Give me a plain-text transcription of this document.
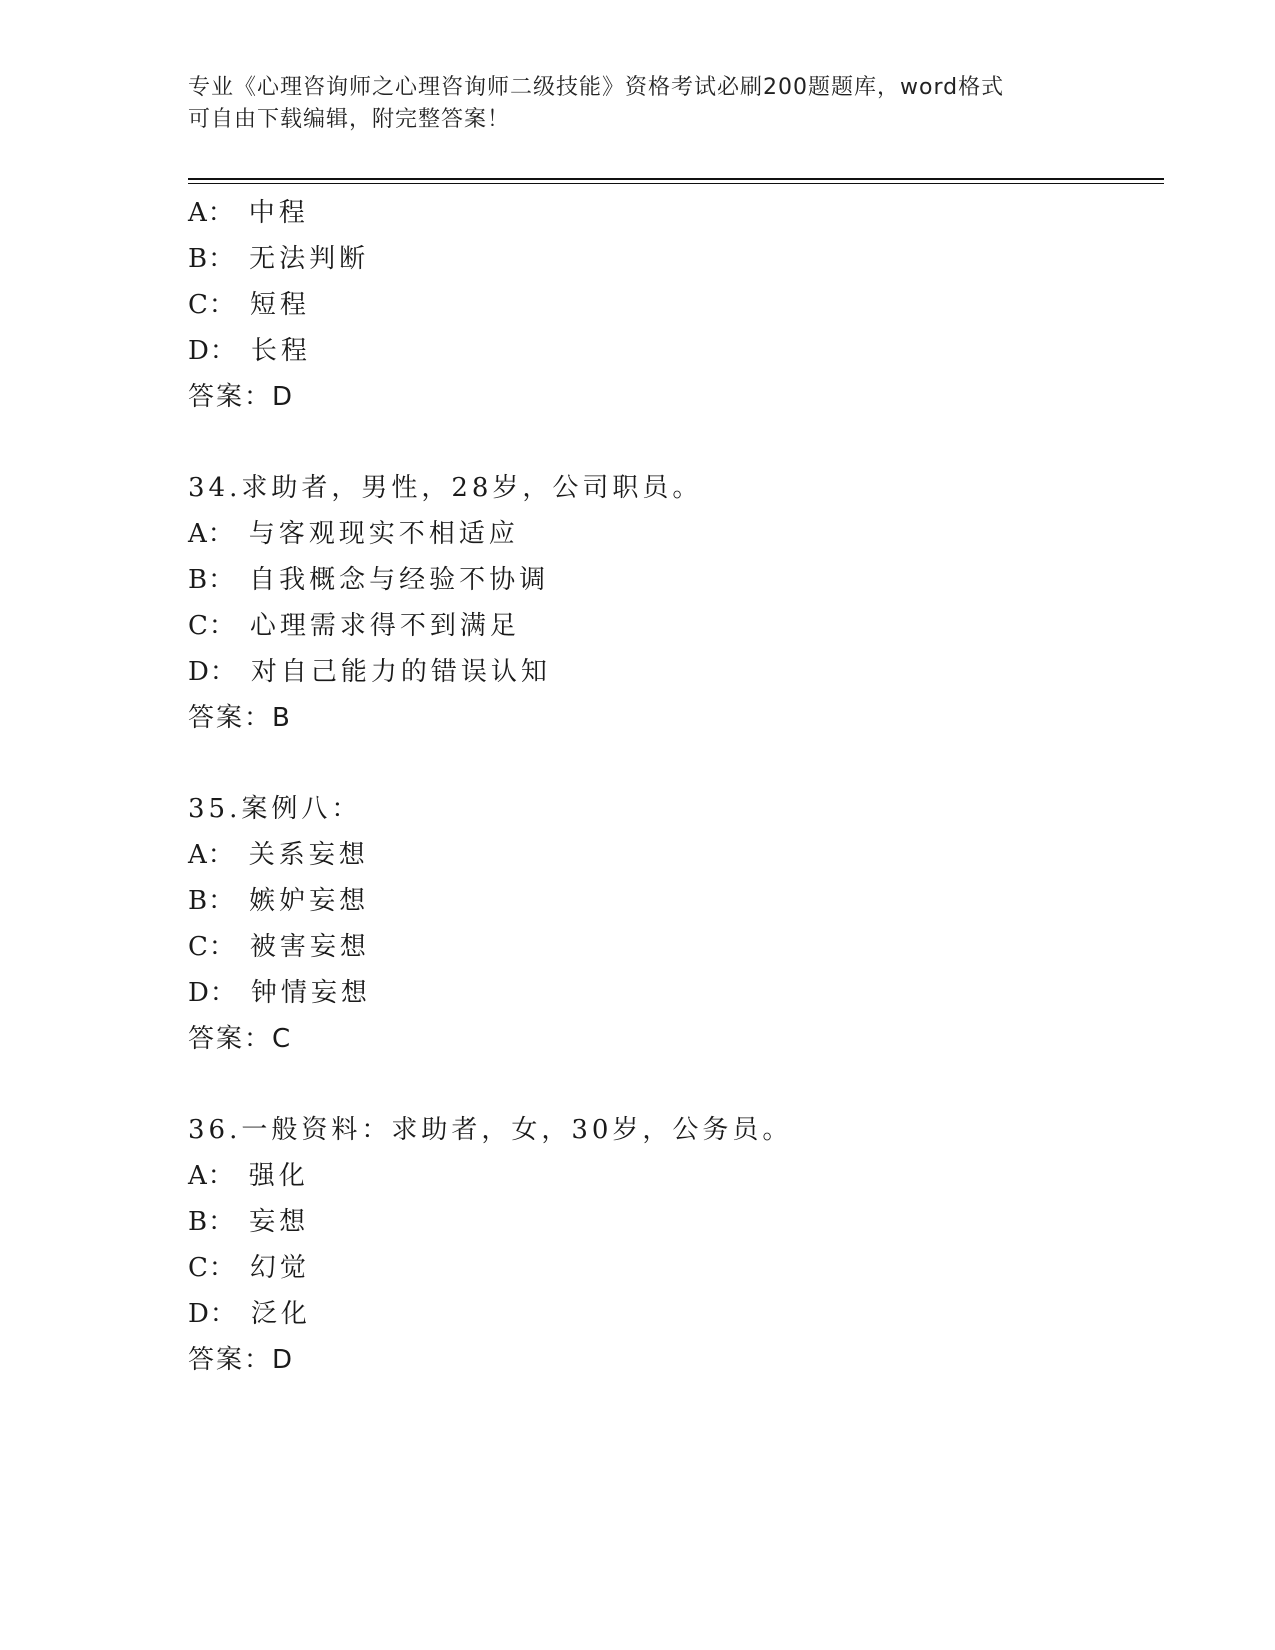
专业《心理咨询师之心理咨询师二级技能》资格考试必刷200题题库，word格式
可自由下载编辑，附完整答案！
A： 中程
B： 无法判断
C： 短程
D： 长程
答案：D
34.求助者，男性，28岁，公司职员。
A： 与客观现实不相适应
B： 自我概念与经验不协调
C： 心理需求得不到满足
D： 对自己能力的错误认知
答案：B
35.案例八：
A： 关系妄想
B： 嫉妒妄想
C： 被害妄想
D： 钟情妄想
答案：C
36.一般资料：求助者，女，30岁，公务员。
A： 强化
B： 妄想
C： 幻觉
D： 泛化
答案：D
